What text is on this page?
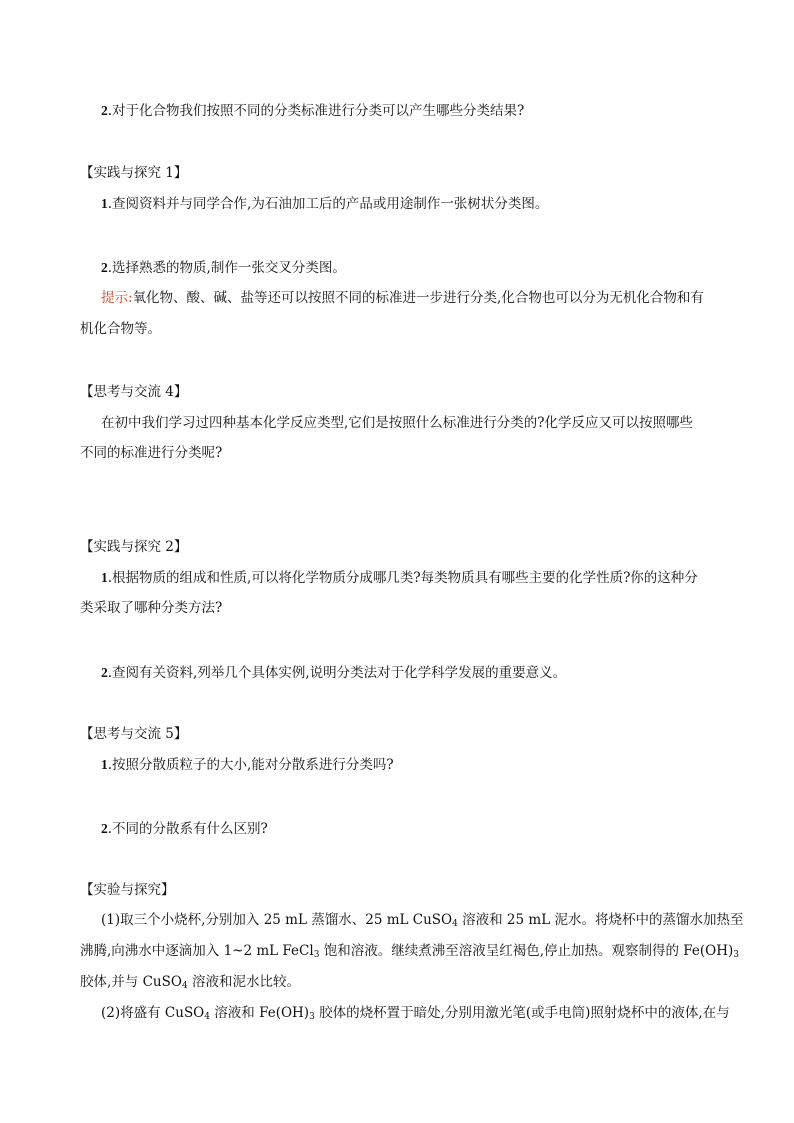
2.对于化合物我们按照不同的分类标准进行分类可以产生哪些分类结果?
【实践与探究 1】
1.查阅资料并与同学合作,为石油加工后的产品或用途制作一张树状分类图。
2.选择熟悉的物质,制作一张交叉分类图。
提示:氧化物、酸、碱、盐等还可以按照不同的标准进一步进行分类,化合物也可以分为无机化合物和有
机化合物等。
【思考与交流 4】
在初中我们学习过四种基本化学反应类型,它们是按照什么标准进行分类的?化学反应又可以按照哪些
不同的标准进行分类呢?
【实践与探究 2】
1.根据物质的组成和性质,可以将化学物质分成哪几类?每类物质具有哪些主要的化学性质?你的这种分
类采取了哪种分类方法?
2.查阅有关资料,列举几个具体实例,说明分类法对于化学科学发展的重要意义。
【思考与交流 5】
1.按照分散质粒子的大小,能对分散系进行分类吗?
2.不同的分散系有什么区别?
【实验与探究】
(1)取三个小烧杯,分别加入 25 mL 蒸馏水、25 mL CuSO$_4$ 溶液和 25 mL 泥水。将烧杯中的蒸馏水加热至
沸腾,向沸水中逐滴加入 1~2 mL FeCl$_3$ 饱和溶液。继续煮沸至溶液呈红褐色,停止加热。观察制得的 $Fe(OH)_3$
胶体,并与 CuSO$_4$ 溶液和泥水比较。
(2)将盛有 CuSO$_4$ 溶液和 $Fe(OH)_3$ 胶体的烧杯置于暗处,分别用激光笔(或手电筒)照射烧杯中的液体,在与
